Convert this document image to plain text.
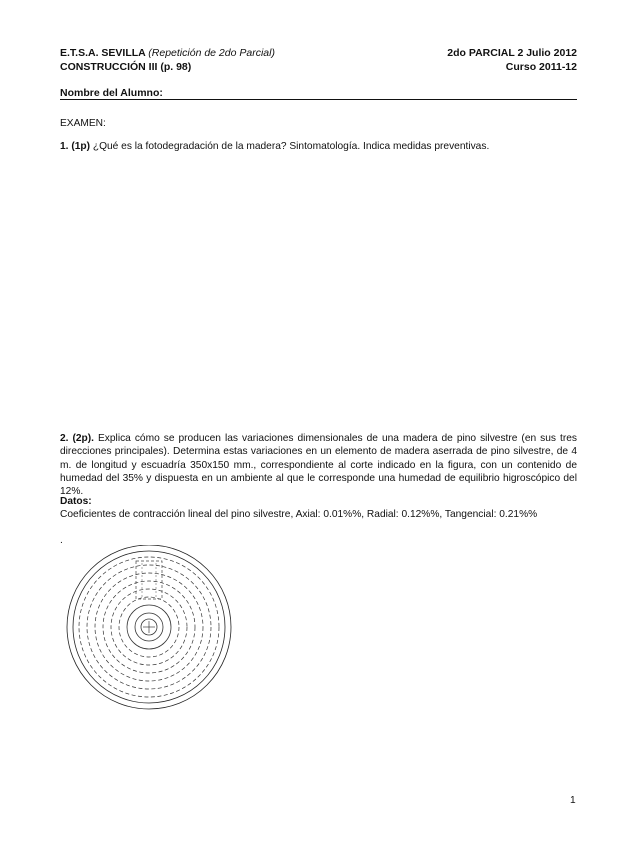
E.T.S.A. SEVILLA (Repetición de 2do Parcial)
CONSTRUCCIÓN III (p. 98)
2do PARCIAL 2 Julio 2012
Curso 2011-12
Nombre del Alumno:
EXAMEN:
1. (1p) ¿Qué es la fotodegradación de la madera? Sintomatología. Indica medidas preventivas.
2. (2p). Explica cómo se producen las variaciones dimensionales de una madera de pino silvestre (en sus tres direcciones principales). Determina estas variaciones en un elemento de madera aserrada de pino silvestre, de 4 m. de longitud y escuadría 350x150 mm., correspondiente al corte indicado en la figura, con un contenido de humedad del 35% y dispuesta en un ambiente al que le corresponde una humedad de equilibrio higroscópico del 12%.
Datos:
Coeficientes de contracción lineal del pino silvestre, Axial: 0.01%%, Radial: 0.12%%, Tangencial: 0.21%%
.
1
